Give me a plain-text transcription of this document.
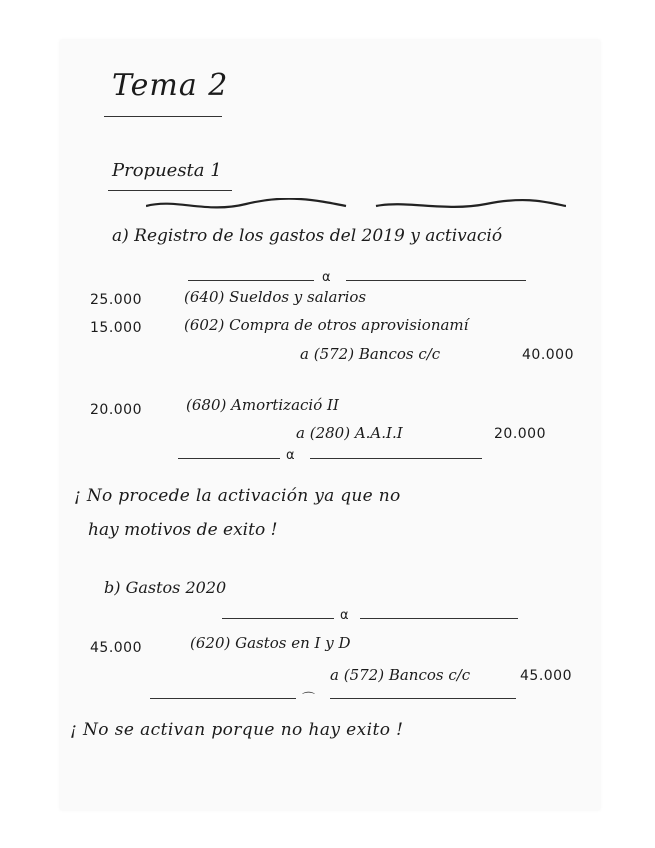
Tema 2
Propuesta 1
a) Registro de los gastos del 2019 y activació
α
25.000	(640) Sueldos y salarios
15.000	(602) Compra de otros aprovisionamí
a (572) Bancos c/c	40.000
20.000	(680) Amortizació II
a (280) A.A.I.I	20.000
α
¡ No procede la activación ya que no
hay motivos de exito !
b) Gastos 2020
α
45.000	(620) Gastos en I y D
a (572) Bancos c/c	45.000
⌒
¡ No se activan porque no hay exito !
